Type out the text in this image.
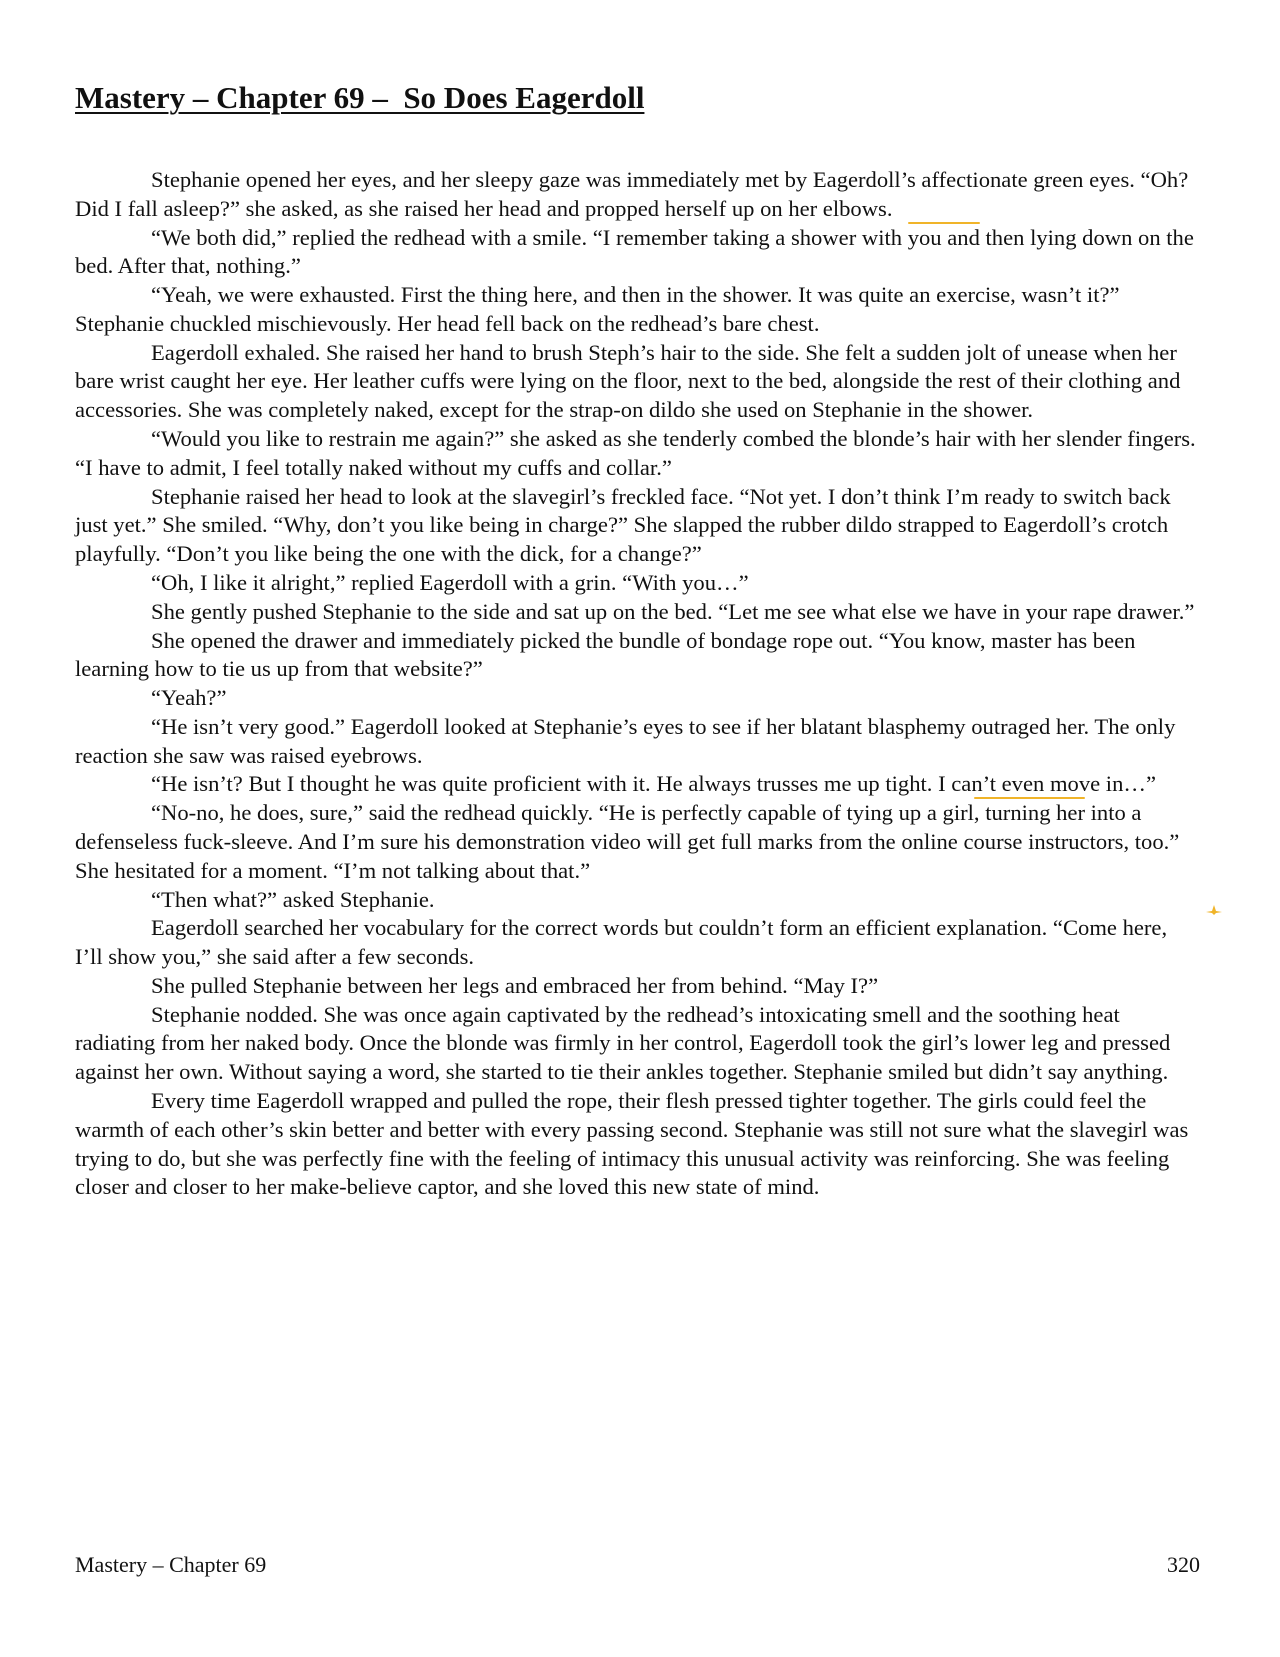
Mastery – Chapter 69 –  So Does Eagerdoll

Stephanie opened her eyes, and her sleepy gaze was immediately met by Eagerdoll’s affectionate green eyes. “Oh? Did I fall asleep?” she asked, as she raised her head and propped herself up on her elbows.

“We both did,” replied the redhead with a smile. “I remember taking a shower with you and then lying down on the bed. After that, nothing.”

“Yeah, we were exhausted. First the thing here, and then in the shower. It was quite an exercise, wasn’t it?” Stephanie chuckled mischievously. Her head fell back on the redhead’s bare chest.

Eagerdoll exhaled. She raised her hand to brush Steph’s hair to the side. She felt a sudden jolt of unease when her bare wrist caught her eye. Her leather cuffs were lying on the floor, next to the bed, alongside the rest of their clothing and accessories. She was completely naked, except for the strap-on dildo she used on Stephanie in the shower.

“Would you like to restrain me again?” she asked as she tenderly combed the blonde’s hair with her slender fingers. “I have to admit, I feel totally naked without my cuffs and collar.”

Stephanie raised her head to look at the slavegirl’s freckled face. “Not yet. I don’t think I’m ready to switch back just yet.” She smiled. “Why, don’t you like being in charge?” She slapped the rubber dildo strapped to Eagerdoll’s crotch playfully. “Don’t you like being the one with the dick, for a change?”

“Oh, I like it alright,” replied Eagerdoll with a grin. “With you…”

She gently pushed Stephanie to the side and sat up on the bed. “Let me see what else we have in your rape drawer.”

She opened the drawer and immediately picked the bundle of bondage rope out. “You know, master has been learning how to tie us up from that website?”

“Yeah?”

“He isn’t very good.” Eagerdoll looked at Stephanie’s eyes to see if her blatant blasphemy outraged her. The only reaction she saw was raised eyebrows.

“He isn’t? But I thought he was quite proficient with it. He always trusses me up tight. I can’t even move in…”

“No-no, he does, sure,” said the redhead quickly. “He is perfectly capable of tying up a girl, turning her into a defenseless fuck-sleeve. And I’m sure his demonstration video will get full marks from the online course instructors, too.” She hesitated for a moment. “I’m not talking about that.”

“Then what?” asked Stephanie.

Eagerdoll searched her vocabulary for the correct words but couldn’t form an efficient explanation. “Come here, I’ll show you,” she said after a few seconds.

She pulled Stephanie between her legs and embraced her from behind. “May I?”

Stephanie nodded. She was once again captivated by the redhead’s intoxicating smell and the soothing heat radiating from her naked body. Once the blonde was firmly in her control, Eagerdoll took the girl’s lower leg and pressed against her own. Without saying a word, she started to tie their ankles together. Stephanie smiled but didn’t say anything.

Every time Eagerdoll wrapped and pulled the rope, their flesh pressed tighter together. The girls could feel the warmth of each other’s skin better and better with every passing second. Stephanie was still not sure what the slavegirl was trying to do, but she was perfectly fine with the feeling of intimacy this unusual activity was reinforcing. She was feeling closer and closer to her make-believe captor, and she loved this new state of mind.

Mastery – Chapter 69	320
